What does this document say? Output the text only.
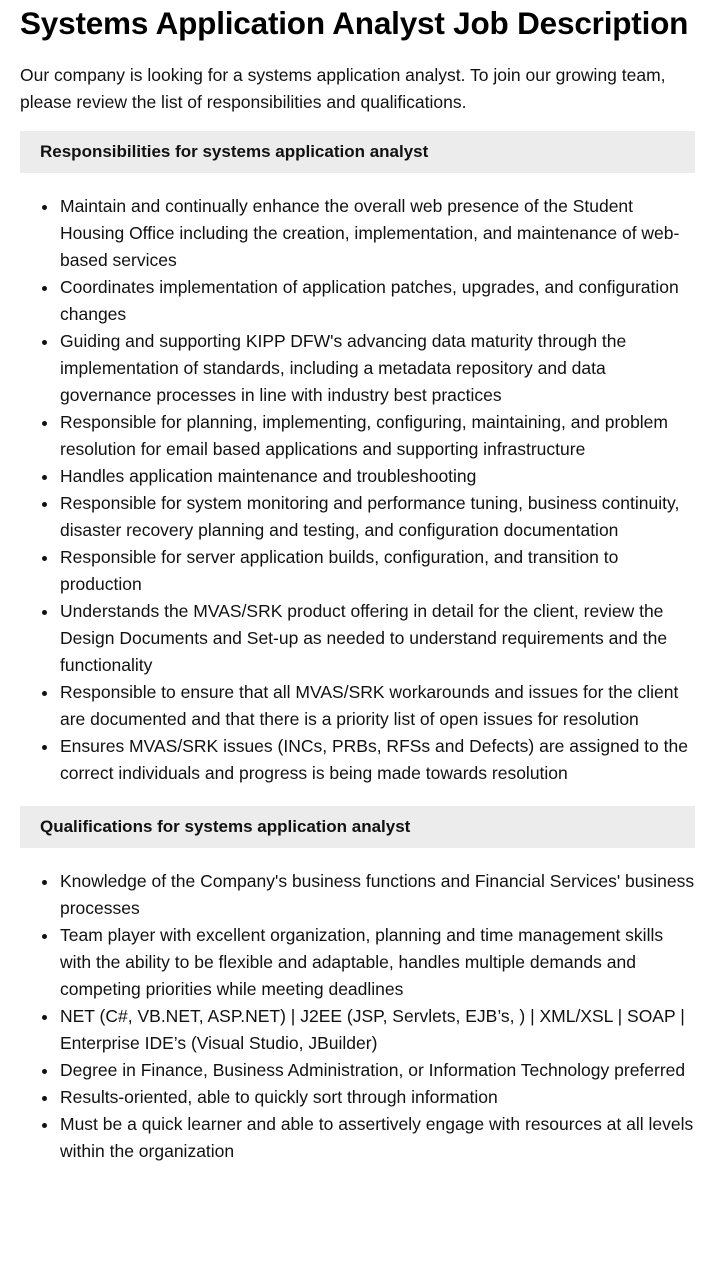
Systems Application Analyst Job Description

Our company is looking for a systems application analyst. To join our growing team, please review the list of responsibilities and qualifications.

Responsibilities for systems application analyst
Maintain and continually enhance the overall web presence of the Student Housing Office including the creation, implementation, and maintenance of web-based services
Coordinates implementation of application patches, upgrades, and configuration changes
Guiding and supporting KIPP DFW's advancing data maturity through the implementation of standards, including a metadata repository and data governance processes in line with industry best practices
Responsible for planning, implementing, configuring, maintaining, and problem resolution for email based applications and supporting infrastructure
Handles application maintenance and troubleshooting
Responsible for system monitoring and performance tuning, business continuity, disaster recovery planning and testing, and configuration documentation
Responsible for server application builds, configuration, and transition to production
Understands the MVAS/SRK product offering in detail for the client, review the Design Documents and Set-up as needed to understand requirements and the functionality
Responsible to ensure that all MVAS/SRK workarounds and issues for the client are documented and that there is a priority list of open issues for resolution
Ensures MVAS/SRK issues (INCs, PRBs, RFSs and Defects) are assigned to the correct individuals and progress is being made towards resolution
Qualifications for systems application analyst
Knowledge of the Company's business functions and Financial Services' business processes
Team player with excellent organization, planning and time management skills with the ability to be flexible and adaptable, handles multiple demands and competing priorities while meeting deadlines
NET (C#, VB.NET, ASP.NET) | J2EE (JSP, Servlets, EJB’s, ) | XML/XSL | SOAP | Enterprise IDE’s (Visual Studio, JBuilder)
Degree in Finance, Business Administration, or Information Technology preferred
Results-oriented, able to quickly sort through information
Must be a quick learner and able to assertively engage with resources at all levels within the organization
